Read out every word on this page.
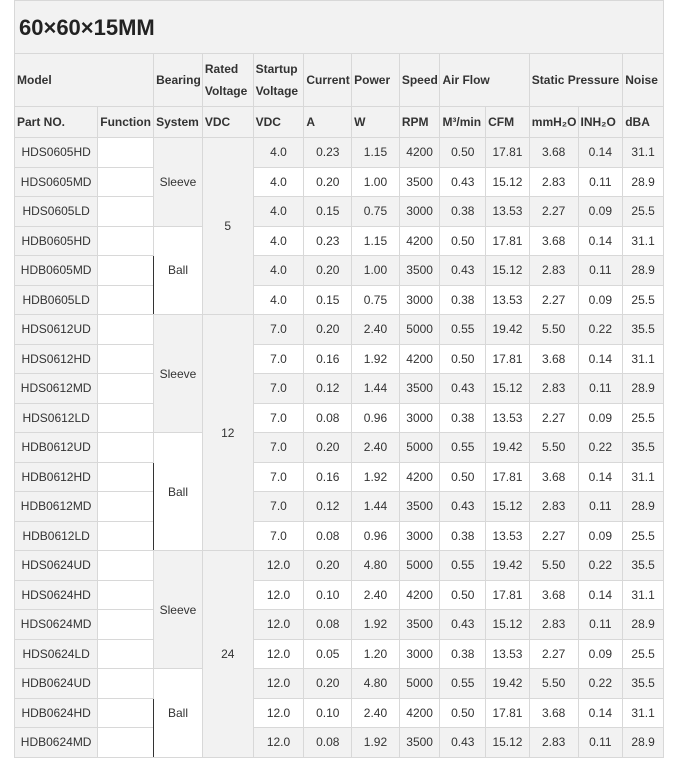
60×60×15MM
Model		Bearing	Rated Voltage	Startup Voltage	Current	Power	Speed	Air Flow		Static Pressure		Noise
Part NO.	Function	System	VDC	VDC	A	W	RPM	M³/min	CFM	mmH₂O	INH₂O	dBA
HDS0605HD		Sleeve	5	4.0	0.23	1.15	4200	0.50	17.81	3.68	0.14	31.1
HDS0605MD				4.0	0.20	1.00	3500	0.43	15.12	2.83	0.11	28.9
HDS0605LD				4.0	0.15	0.75	3000	0.38	13.53	2.27	0.09	25.5
HDB0605HD		Ball		4.0	0.23	1.15	4200	0.50	17.81	3.68	0.14	31.1
HDB0605MD				4.0	0.20	1.00	3500	0.43	15.12	2.83	0.11	28.9
HDB0605LD				4.0	0.15	0.75	3000	0.38	13.53	2.27	0.09	25.5
HDS0612UD		Sleeve	12	7.0	0.20	2.40	5000	0.55	19.42	5.50	0.22	35.5
HDS0612HD				7.0	0.16	1.92	4200	0.50	17.81	3.68	0.14	31.1
HDS0612MD				7.0	0.12	1.44	3500	0.43	15.12	2.83	0.11	28.9
HDS0612LD				7.0	0.08	0.96	3000	0.38	13.53	2.27	0.09	25.5
HDB0612UD		Ball		7.0	0.20	2.40	5000	0.55	19.42	5.50	0.22	35.5
HDB0612HD				7.0	0.16	1.92	4200	0.50	17.81	3.68	0.14	31.1
HDB0612MD				7.0	0.12	1.44	3500	0.43	15.12	2.83	0.11	28.9
HDB0612LD				7.0	0.08	0.96	3000	0.38	13.53	2.27	0.09	25.5
HDS0624UD		Sleeve	24	12.0	0.20	4.80	5000	0.55	19.42	5.50	0.22	35.5
HDS0624HD				12.0	0.10	2.40	4200	0.50	17.81	3.68	0.14	31.1
HDS0624MD				12.0	0.08	1.92	3500	0.43	15.12	2.83	0.11	28.9
HDS0624LD				12.0	0.05	1.20	3000	0.38	13.53	2.27	0.09	25.5
HDB0624UD		Ball		12.0	0.20	4.80	5000	0.55	19.42	5.50	0.22	35.5
HDB0624HD				12.0	0.10	2.40	4200	0.50	17.81	3.68	0.14	31.1
HDB0624MD				12.0	0.08	1.92	3500	0.43	15.12	2.83	0.11	28.9
